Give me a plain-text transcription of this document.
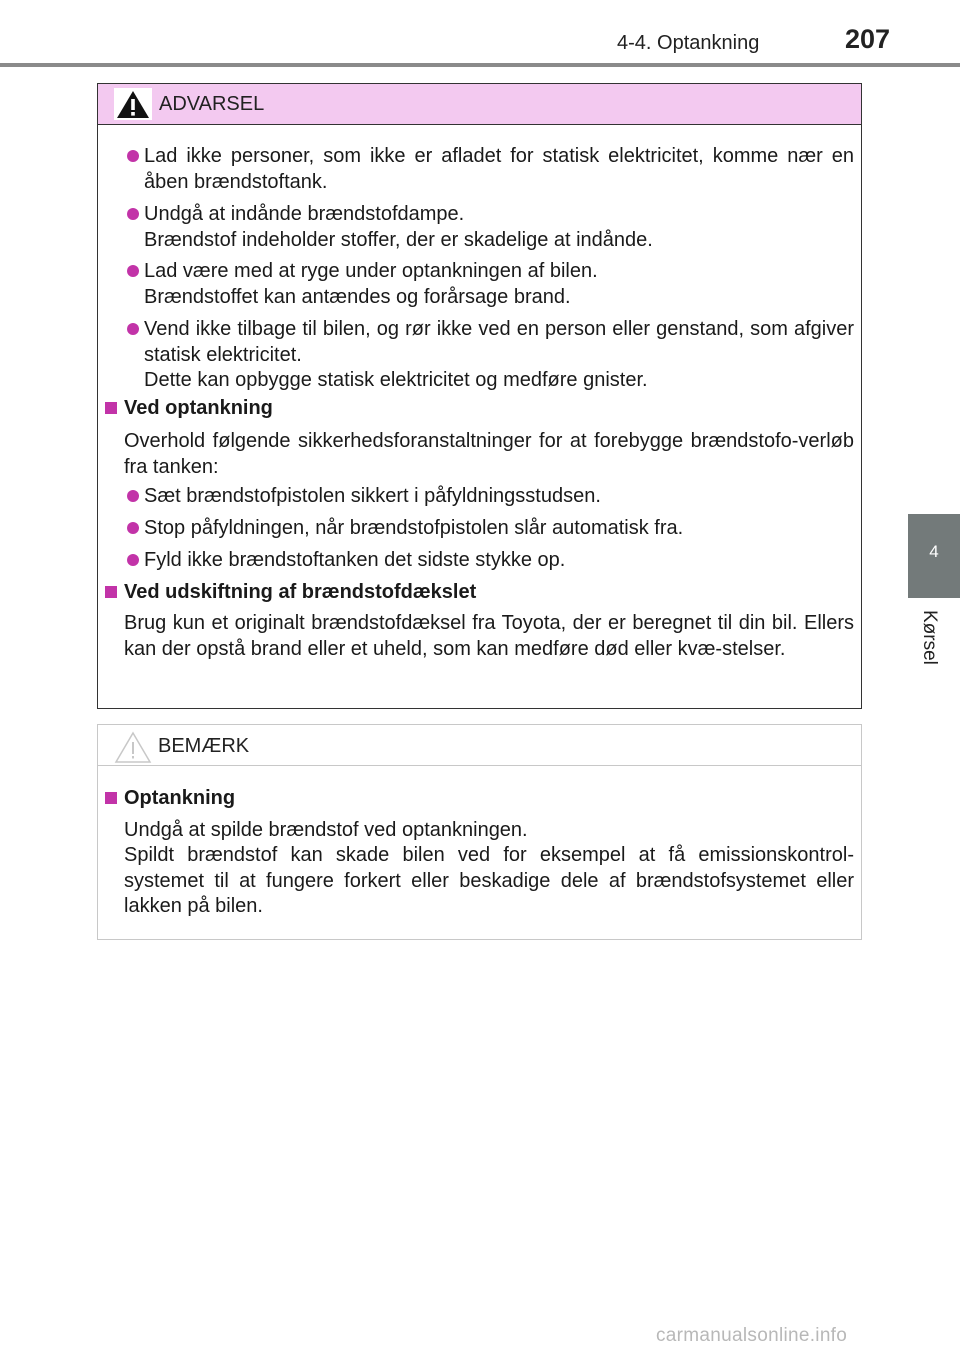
4-4. Optankning	207
4
Kørsel
ADVARSEL
Lad ikke personer, som ikke er afladet for statisk elektricitet, komme nær en åben brændstoftank.
Undgå at indånde brændstofdampe.
Brændstof indeholder stoffer, der er skadelige at indånde.
Lad være med at ryge under optankningen af bilen.
Brændstoffet kan antændes og forårsage brand.
Vend ikke tilbage til bilen, og rør ikke ved en person eller genstand, som afgiver statisk elektricitet.
Dette kan opbygge statisk elektricitet og medføre gnister.
Ved optankning
Overhold følgende sikkerhedsforanstaltninger for at forebygge brændstofo-verløb fra tanken:
Sæt brændstofpistolen sikkert i påfyldningsstudsen.
Stop påfyldningen, når brændstofpistolen slår automatisk fra.
Fyld ikke brændstoftanken det sidste stykke op.
Ved udskiftning af brændstofdækslet
Brug kun et originalt brændstofdæksel fra Toyota, der er beregnet til din bil. Ellers kan der opstå brand eller et uheld, som kan medføre død eller kvæ-stelser.
BEMÆRK
Optankning
Undgå at spilde brændstof ved optankningen.
Spildt brændstof kan skade bilen ved for eksempel at få emissionskontrol-systemet til at fungere forkert eller beskadige dele af brændstofsystemet eller lakken på bilen.
carmanualsonline.info
